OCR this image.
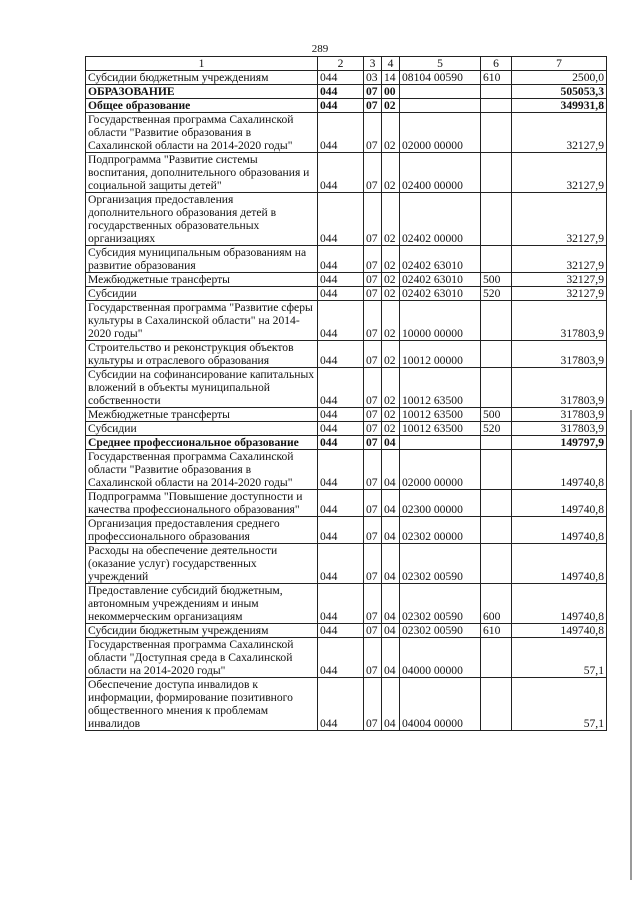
289
1	2	3	4	5	6	7
Субсидии бюджетным учреждениям	044	03	14	08104 00590	610	2500,0
ОБРАЗОВАНИЕ	044	07	00			505053,3
Общее образование	044	07	02			349931,8
Государственная программа Сахалинской области "Развитие образования в Сахалинской области на 2014-2020 годы"	044	07	02	02000 00000		32127,9
Подпрограмма "Развитие системы воспитания, дополнительного образования и социальной защиты детей"	044	07	02	02400 00000		32127,9
Организация предоставления дополнительного образования детей в государственных образовательных организациях	044	07	02	02402 00000		32127,9
Субсидия муниципальным образованиям на развитие образования	044	07	02	02402 63010		32127,9
Межбюджетные трансферты	044	07	02	02402 63010	500	32127,9
Субсидии	044	07	02	02402 63010	520	32127,9
Государственная программа "Развитие сферы культуры в Сахалинской области" на 2014-2020 годы"	044	07	02	10000 00000		317803,9
Строительство и реконструкция объектов культуры и отраслевого образования	044	07	02	10012 00000		317803,9
Субсидии на софинансирование капитальных вложений в объекты муниципальной собственности	044	07	02	10012 63500		317803,9
Межбюджетные трансферты	044	07	02	10012 63500	500	317803,9
Субсидии	044	07	02	10012 63500	520	317803,9
Среднее профессиональное образование	044	07	04			149797,9
Государственная программа Сахалинской области "Развитие образования в Сахалинской области на 2014-2020 годы"	044	07	04	02000 00000		149740,8
Подпрограмма "Повышение доступности и качества профессионального образования"	044	07	04	02300 00000		149740,8
Организация предоставления среднего профессионального образования	044	07	04	02302 00000		149740,8
Расходы на обеспечение деятельности (оказание услуг) государственных учреждений	044	07	04	02302 00590		149740,8
Предоставление субсидий бюджетным, автономным учреждениям и иным некоммерческим организациям	044	07	04	02302 00590	600	149740,8
Субсидии бюджетным учреждениям	044	07	04	02302 00590	610	149740,8
Государственная программа Сахалинской области "Доступная среда в Сахалинской области на 2014-2020 годы"	044	07	04	04000 00000		57,1
Обеспечение доступа инвалидов к информации, формирование позитивного общественного мнения к проблемам инвалидов	044	07	04	04004 00000		57,1
